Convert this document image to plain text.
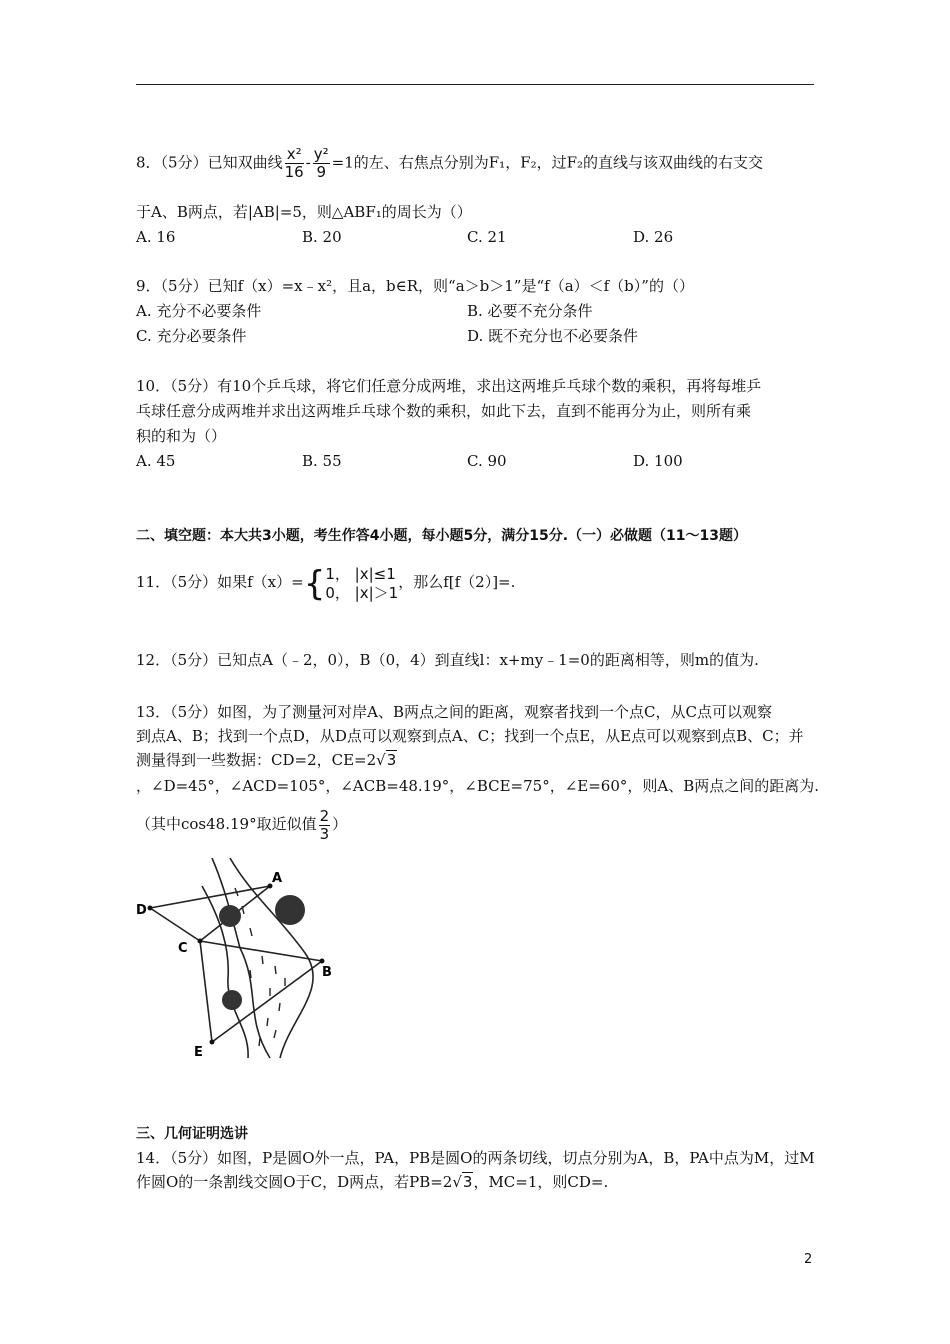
8．（5分）已知双曲线 $\frac{\text{x²}}{16} - \frac{\text{y²}}{9} =1$的左、右焦点分别为F₁，F₂，过F₂的直线与该双曲线的右支交
于A、B两点，若|AB|=5，则△ABF₁的周长为（）
A. 16	B. 20	C. 21	D. 26
9．（5分）已知f（x）=x﹣x²，且a，b∈R，则“a＞b＞1”是“f（a）＜f（b）”的（）
A. 充分不必要条件	B. 必要不充分条件
C. 充分必要条件	D. 既不充分也不必要条件
10．（5分）有10个乒乓球，将它们任意分成两堆，求出这两堆乒乓球个数的乘积，再将每堆乒
乓球任意分成两堆并求出这两堆乒乓球个数的乘积，如此下去，直到不能再分为止，则所有乘
积的和为（）
A. 45	B. 55	C. 90	D. 100
二、填空题：本大共3小题，考生作答4小题，每小题5分，满分15分.（一）必做题（11～13题）
11．（5分）如果f（x）={ 1， |x|≤1
0， |x|＞1
，那么f[f（2）]=.
12．（5分）已知点A（﹣2，0），B（0，4）到直线l：x+my﹣1=0的距离相等，则m的值为.
13．（5分）如图，为了测量河对岸A、B两点之间的距离，观察者找到一个点C，从C点可以观察
到点A、B；找到一个点D，从D点可以观察到点A、C；找到一个点E，从E点可以观察到点B、C；并
测量得到一些数据：CD=2，CE=2√3
，∠D=45°，∠ACD=105°，∠ACB=48.19°，∠BCE=75°，∠E=60°，则A、B两点之间的距离为.
（其中cos48.19°取近似值 $\frac{2}{3}$ ）
D
A
C
B
E
三、几何证明选讲
14．（5分）如图，P是圆O外一点，PA，PB是圆O的两条切线，切点分别为A，B，PA中点为M，过M
作圆O的一条割线交圆O于C，D两点，若PB=2√3，MC=1，则CD=.
2
